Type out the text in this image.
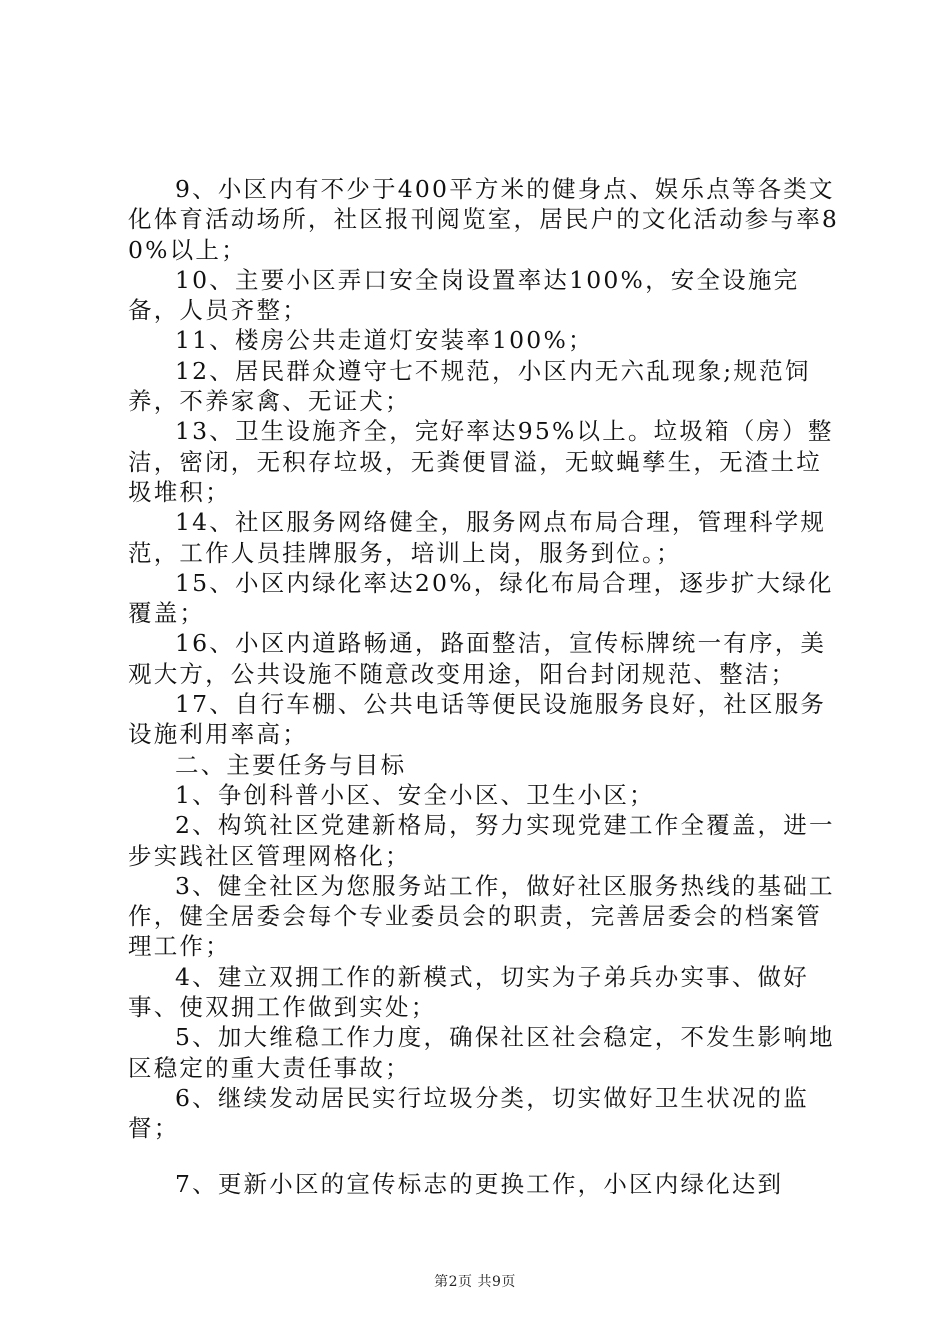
9、小区内有不少于400平方米的健身点、娱乐点等各类文化体育活动场所，社区报刊阅览室，居民户的文化活动参与率80%以上；

10、主要小区弄口安全岗设置率达100%，安全设施完备，人员齐整；

11、楼房公共走道灯安装率100%；

12、居民群众遵守七不规范，小区内无六乱现象;规范饲养，不养家禽、无证犬；

13、卫生设施齐全，完好率达95%以上。垃圾箱（房）整洁，密闭，无积存垃圾，无粪便冒溢，无蚊蝇孳生，无渣土垃圾堆积；

14、社区服务网络健全，服务网点布局合理，管理科学规范，工作人员挂牌服务，培训上岗，服务到位。；

15、小区内绿化率达20%，绿化布局合理，逐步扩大绿化覆盖；

16、小区内道路畅通，路面整洁，宣传标牌统一有序，美观大方，公共设施不随意改变用途，阳台封闭规范、整洁；

17、自行车棚、公共电话等便民设施服务良好，社区服务设施利用率高；

二、主要任务与目标

1、争创科普小区、安全小区、卫生小区；

2、构筑社区党建新格局，努力实现党建工作全覆盖，进一步实践社区管理网格化；

3、健全社区为您服务站工作，做好社区服务热线的基础工作，健全居委会每个专业委员会的职责，完善居委会的档案管理工作；

4、建立双拥工作的新模式，切实为子弟兵办实事、做好事、使双拥工作做到实处；

5、加大维稳工作力度，确保社区社会稳定，不发生影响地区稳定的重大责任事故；

6、继续发动居民实行垃圾分类，切实做好卫生状况的监督；

7、更新小区的宣传标志的更换工作，小区内绿化达到

第2页 共9页
